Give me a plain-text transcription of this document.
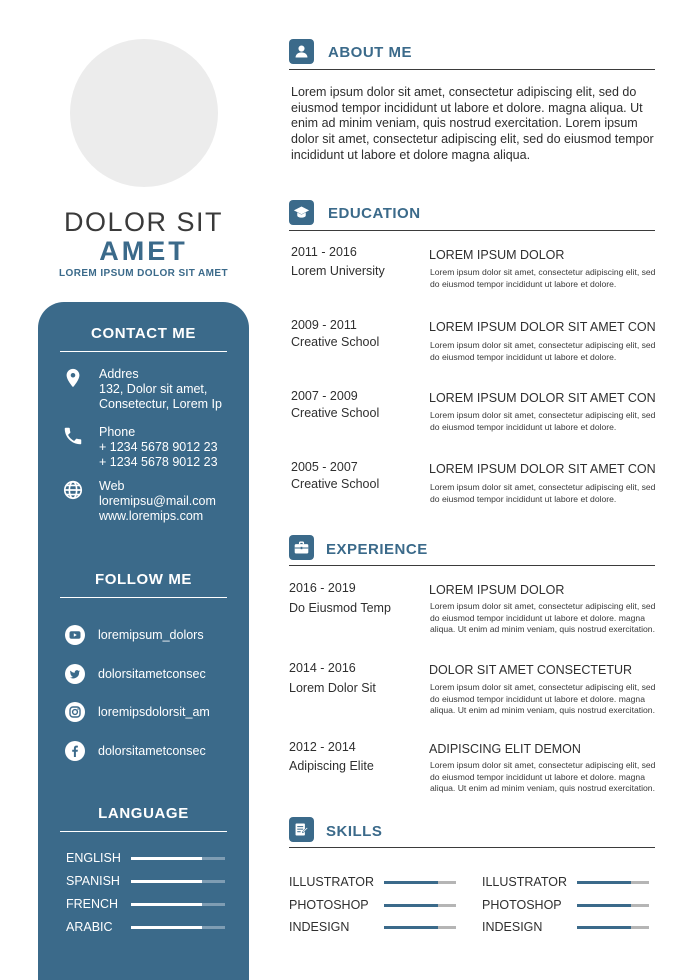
DOLOR SIT
AMET
LOREM IPSUM DOLOR SIT AMET
CONTACT ME
Addres
132, Dolor sit amet,
Consetectur, Lorem Ip
Phone
+ 1234 5678 9012 23
+ 1234 5678 9012 23
Web
loremipsu@mail.com
www.loremips.com
FOLLOW ME
loremipsum_dolors
dolorsitametconsec
loremipsdolorsit_am
dolorsitametconsec
LANGUAGE
ENGLISH
SPANISH
FRENCH
ARABIC
ABOUT ME
Lorem ipsum dolor sit amet, consectetur adipiscing elit, sed do eiusmod tempor incididunt ut labore et dolore. magna aliqua. Ut enim ad minim veniam, quis nostrud exercitation. Lorem ipsum dolor sit amet, consectetur adipiscing elit, sed do eiusmod tempor incididunt ut labore et dolore magna aliqua.
EDUCATION
2011 - 2016
Lorem University
LOREM IPSUM DOLOR
Lorem ipsum dolor sit amet, consectetur adipiscing elit, sed do eiusmod tempor incididunt ut labore et dolore.
2009 - 2011
Creative School
LOREM IPSUM DOLOR SIT AMET CON
Lorem ipsum dolor sit amet, consectetur adipiscing elit, sed do eiusmod tempor incididunt ut labore et dolore.
2007 - 2009
Creative School
LOREM IPSUM DOLOR SIT AMET CON
Lorem ipsum dolor sit amet, consectetur adipiscing elit, sed do eiusmod tempor incididunt ut labore et dolore.
2005 - 2007
Creative School
LOREM IPSUM DOLOR SIT AMET CON
Lorem ipsum dolor sit amet, consectetur adipiscing elit, sed do eiusmod tempor incididunt ut labore et dolore.
EXPERIENCE
2016 - 2019
Do Eiusmod Temp
LOREM IPSUM DOLOR
Lorem ipsum dolor sit amet, consectetur adipiscing elit, sed do eiusmod tempor incididunt ut labore et dolore. magna aliqua. Ut enim ad minim veniam, quis nostrud exercitation.
2014 - 2016
Lorem Dolor Sit
DOLOR SIT AMET CONSECTETUR
Lorem ipsum dolor sit amet, consectetur adipiscing elit, sed do eiusmod tempor incididunt ut labore et dolore. magna aliqua. Ut enim ad minim veniam, quis nostrud exercitation.
2012 - 2014
Adipiscing Elite
ADIPISCING ELIT DEMON
Lorem ipsum dolor sit amet, consectetur adipiscing elit, sed do eiusmod tempor incididunt ut labore et dolore. magna aliqua. Ut enim ad minim veniam, quis nostrud exercitation.
SKILLS
ILLUSTRATOR
PHOTOSHOP
INDESIGN
ILLUSTRATOR
PHOTOSHOP
INDESIGN
